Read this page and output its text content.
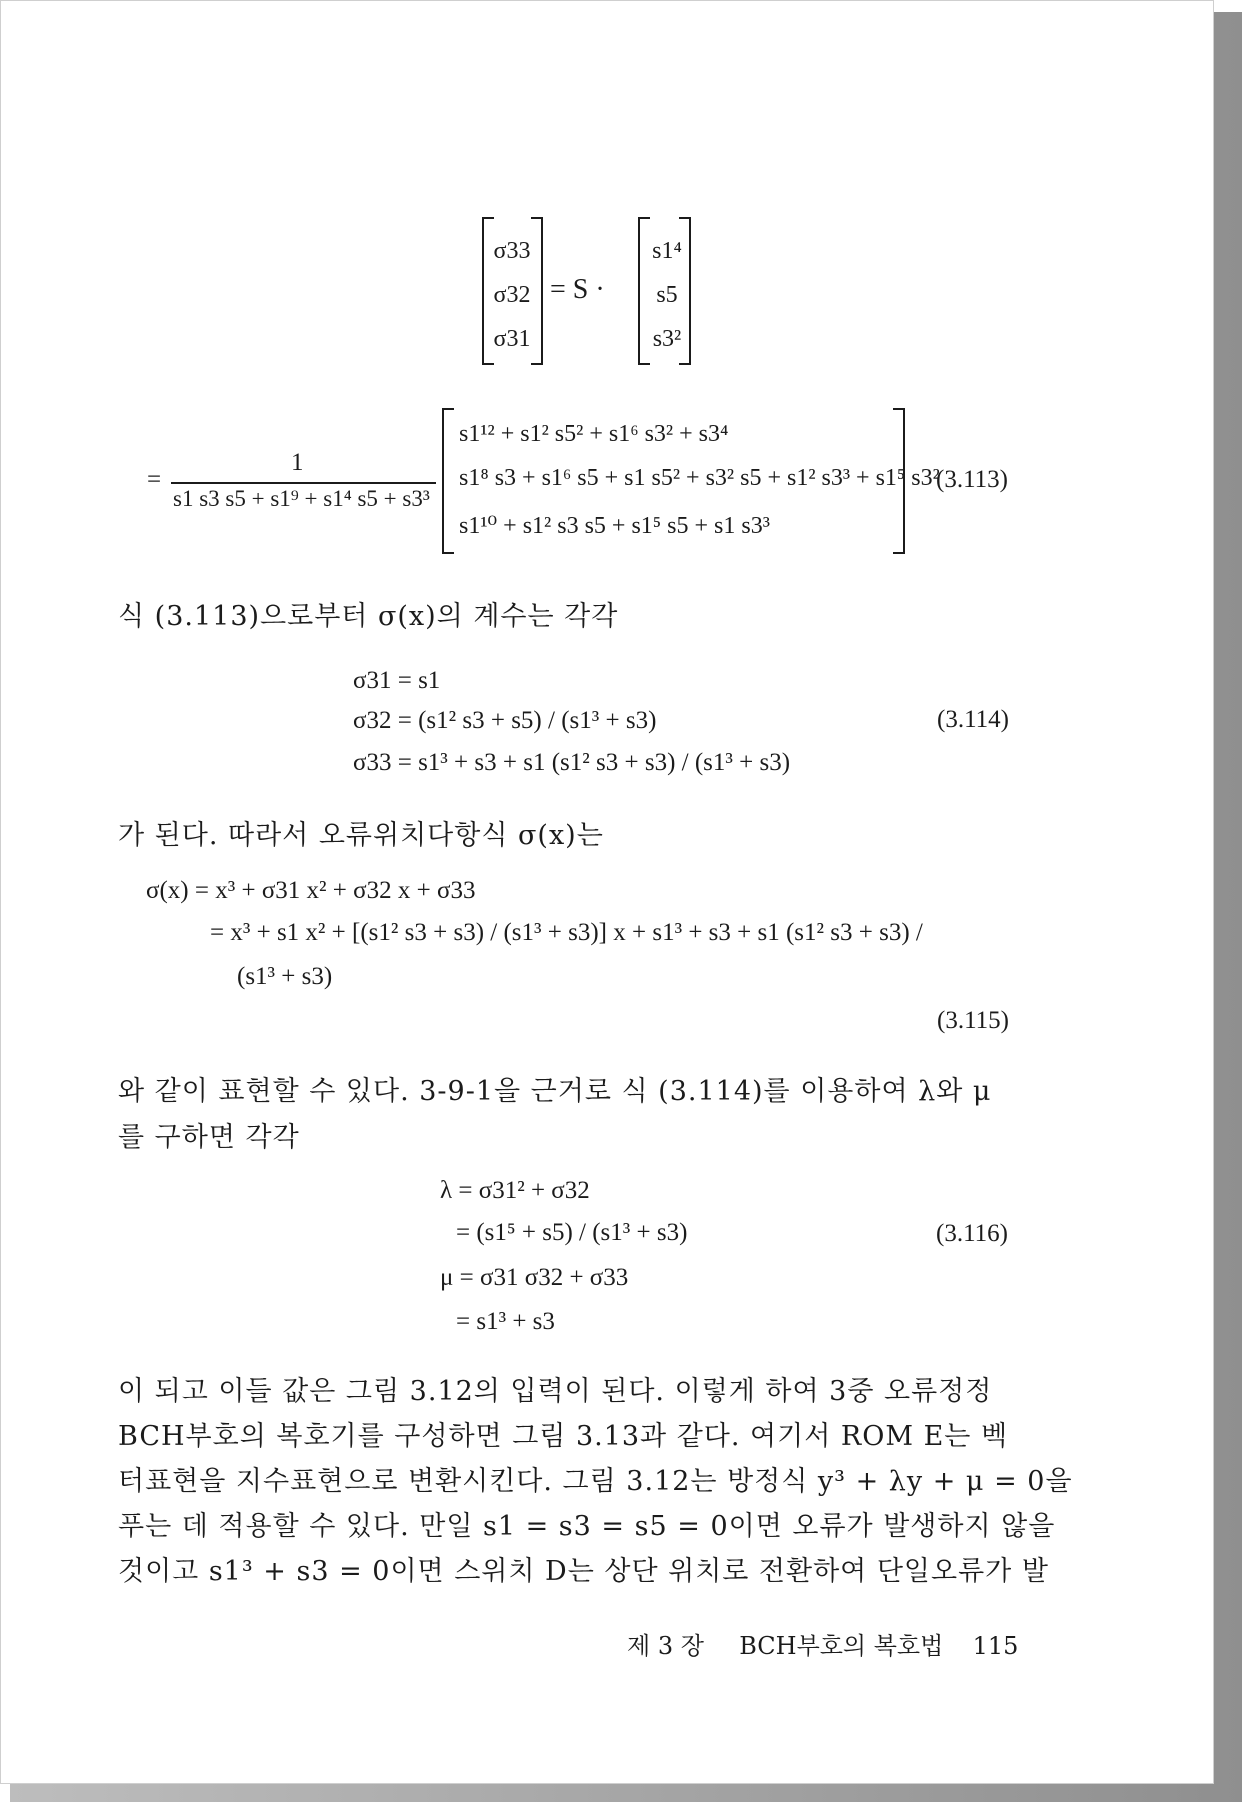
σ33
σ32
σ31
= S ·
s1⁴
s5
s3²
=
1
s1 s3 s5 + s1⁹ + s1⁴ s5 + s3³
s1¹² + s1² s5² + s1⁶ s3² + s3⁴
s1⁸ s3 + s1⁶ s5 + s1 s5² + s3² s5 + s1² s3³ + s1⁵ s3²
s1¹⁰ + s1² s3 s5 + s1⁵ s5 + s1 s3³
(3.113)
식 (3.113)으로부터 σ(x)의 계수는 각각
σ31 = s1
σ32 = (s1² s3 + s5) / (s1³ + s3)
σ33 = s1³ + s3 + s1 (s1² s3 + s3) / (s1³ + s3)
(3.114)
가 된다. 따라서 오류위치다항식 σ(x)는
σ(x) = x³ + σ31 x² + σ32 x + σ33
= x³ + s1 x² + [(s1² s3 + s3) / (s1³ + s3)] x + s1³ + s3 + s1 (s1² s3 + s3) /
(s1³ + s3)
(3.115)
와 같이 표현할 수 있다. 3-9-1을 근거로 식 (3.114)를 이용하여 λ와 μ
를 구하면 각각
λ = σ31² + σ32
= (s1⁵ + s5) / (s1³ + s3)
μ = σ31 σ32 + σ33
= s1³ + s3
(3.116)
이 되고 이들 값은 그림 3.12의 입력이 된다. 이렇게 하여 3중 오류정정
BCH부호의 복호기를 구성하면 그림 3.13과 같다. 여기서 ROM E는 벡
터표현을 지수표현으로 변환시킨다. 그림 3.12는 방정식 y³ + λy + μ = 0을
푸는 데 적용할 수 있다. 만일 s1 = s3 = s5 = 0이면 오류가 발생하지 않을
것이고 s1³ + s3 = 0이면 스위치 D는 상단 위치로 전환하여 단일오류가 발
제 3 장 BCH부호의 복호법 115
